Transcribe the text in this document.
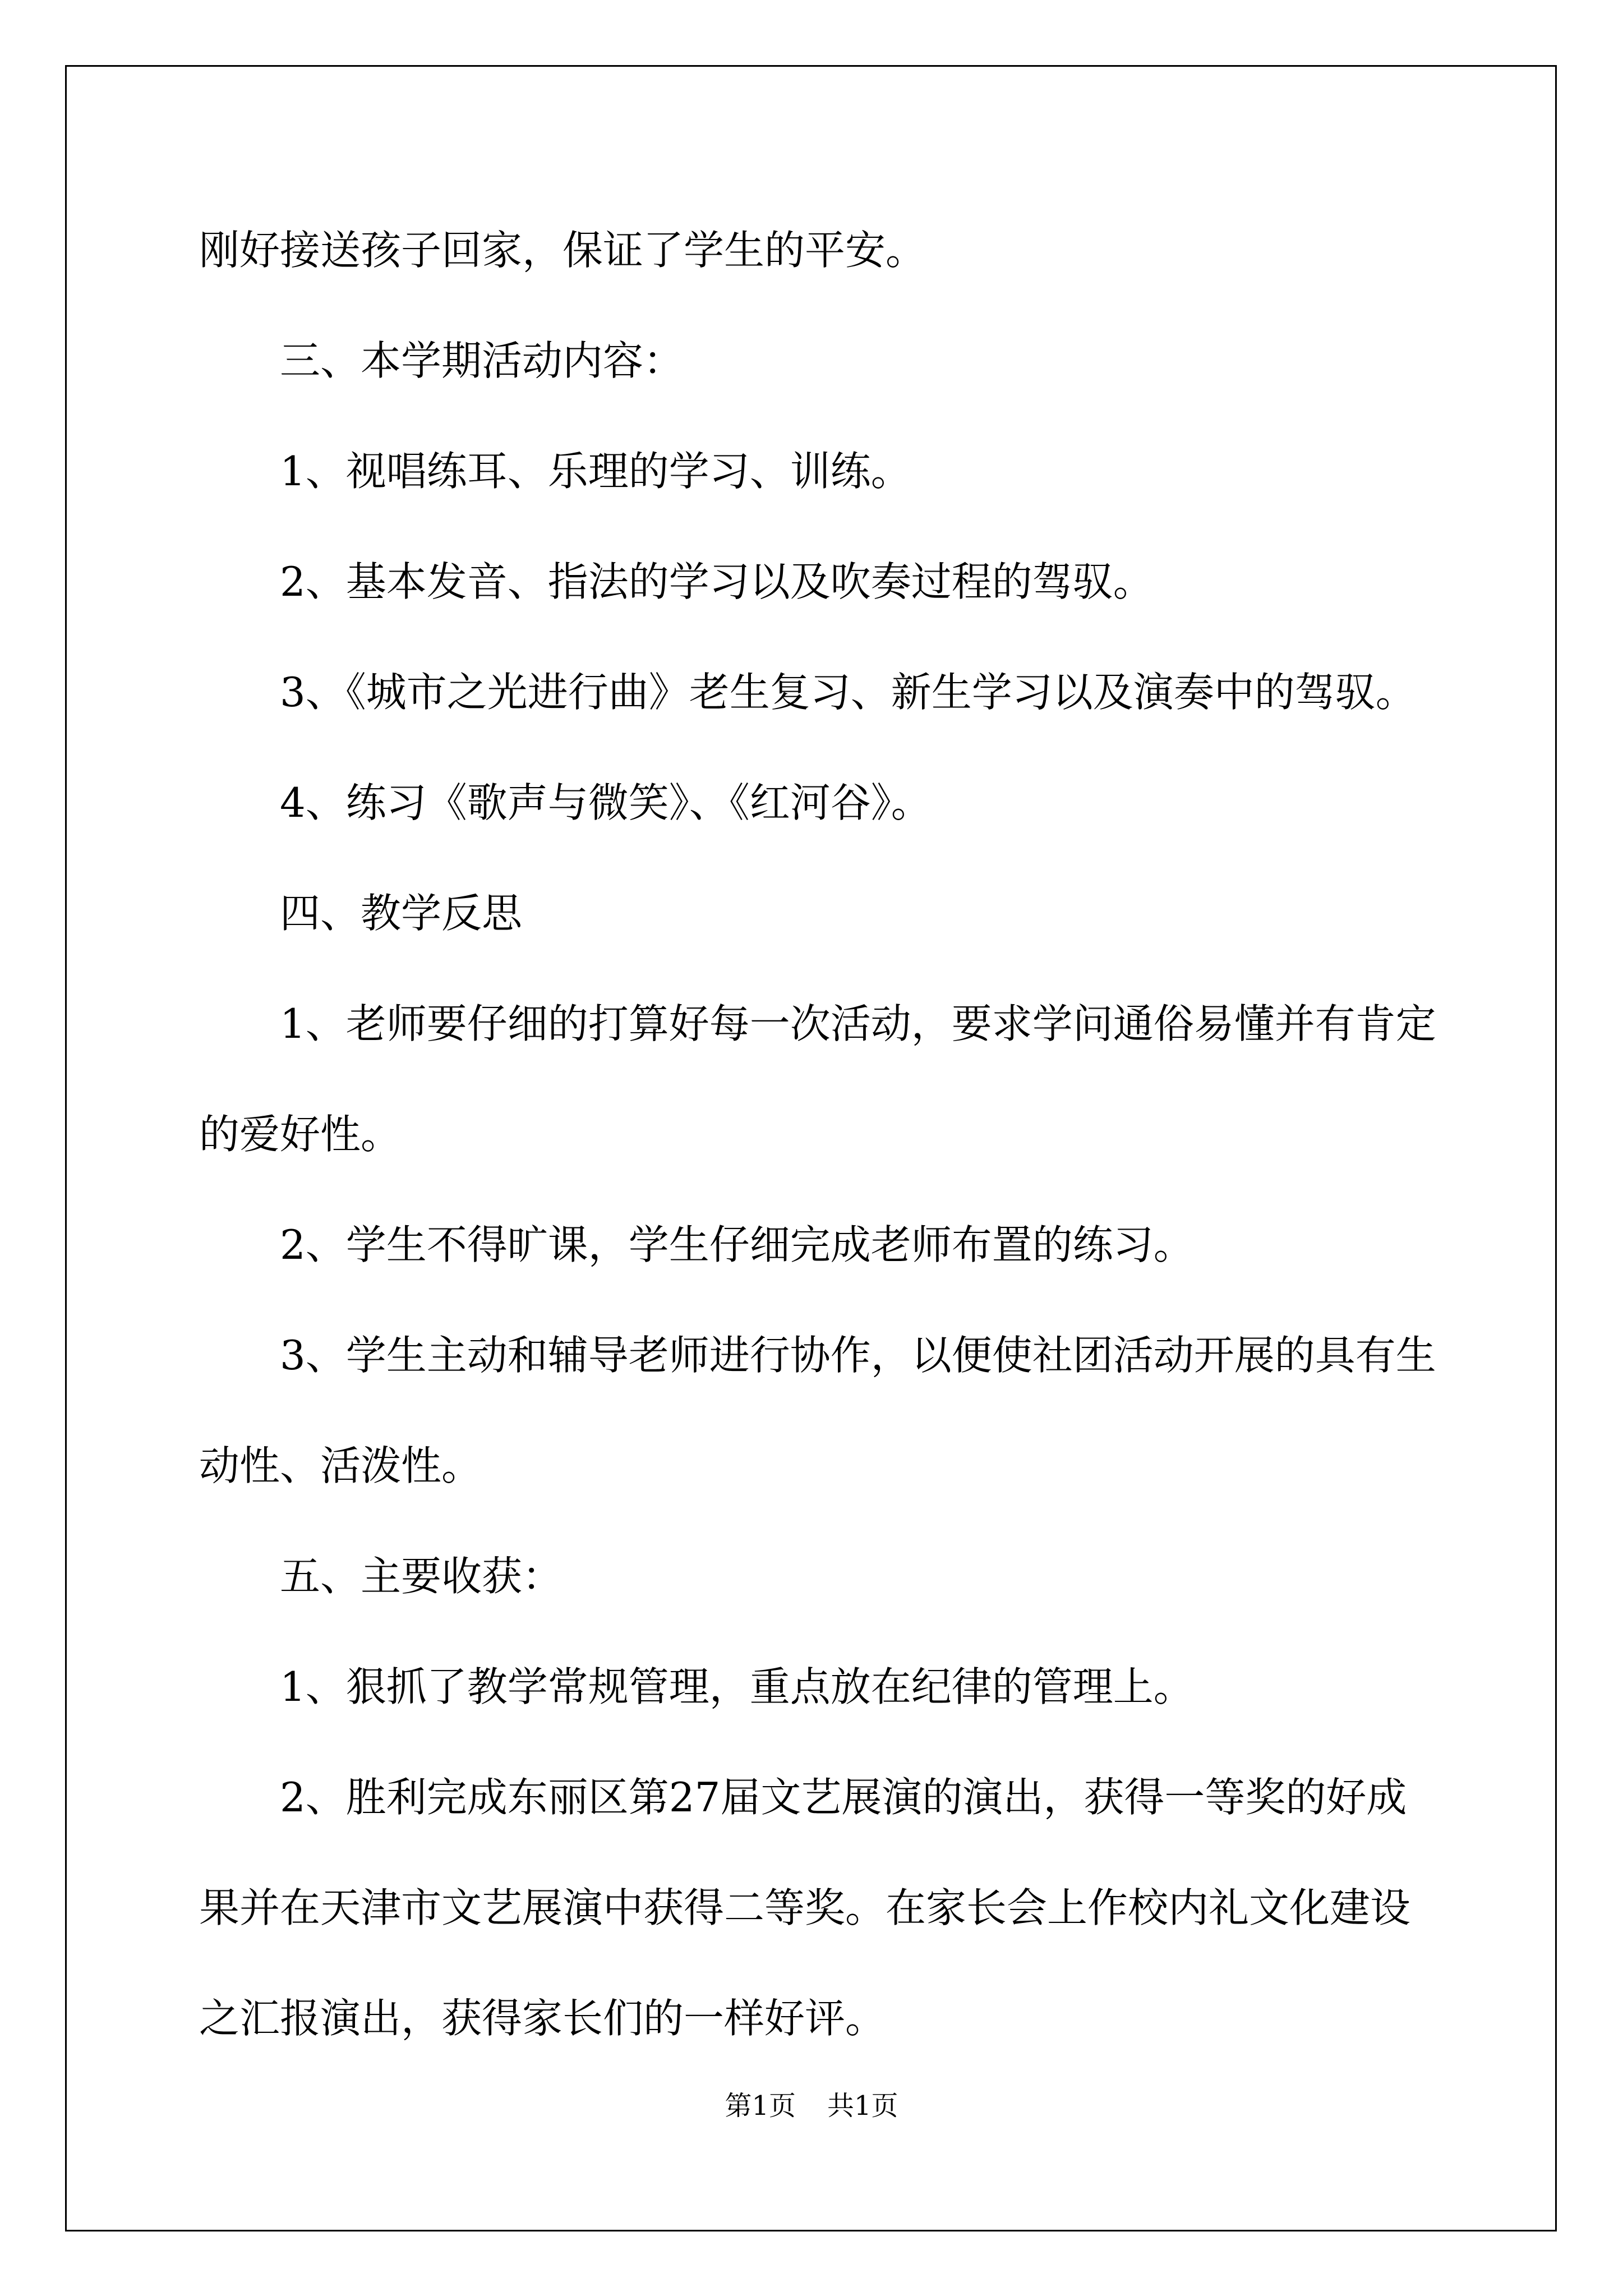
刚好接送孩子回家，保证了学生的平安。

三、本学期活动内容：

1、视唱练耳、乐理的学习、训练。

2、基本发音、指法的学习以及吹奏过程的驾驭。

3、《城市之光进行曲》老生复习、新生学习以及演奏中的驾驭。

4、练习《歌声与微笑》、《红河谷》。

四、教学反思

1、老师要仔细的打算好每一次活动，要求学问通俗易懂并有肯定

的爱好性。

2、学生不得旷课，学生仔细完成老师布置的练习。

3、学生主动和辅导老师进行协作，以便使社团活动开展的具有生

动性、活泼性。

五、主要收获：

1、狠抓了教学常规管理，重点放在纪律的管理上。

2、胜利完成东丽区第27届文艺展演的演出，获得一等奖的好成

果并在天津市文艺展演中获得二等奖。在家长会上作校内礼文化建设

之汇报演出，获得家长们的一样好评。

第1页 共1页
